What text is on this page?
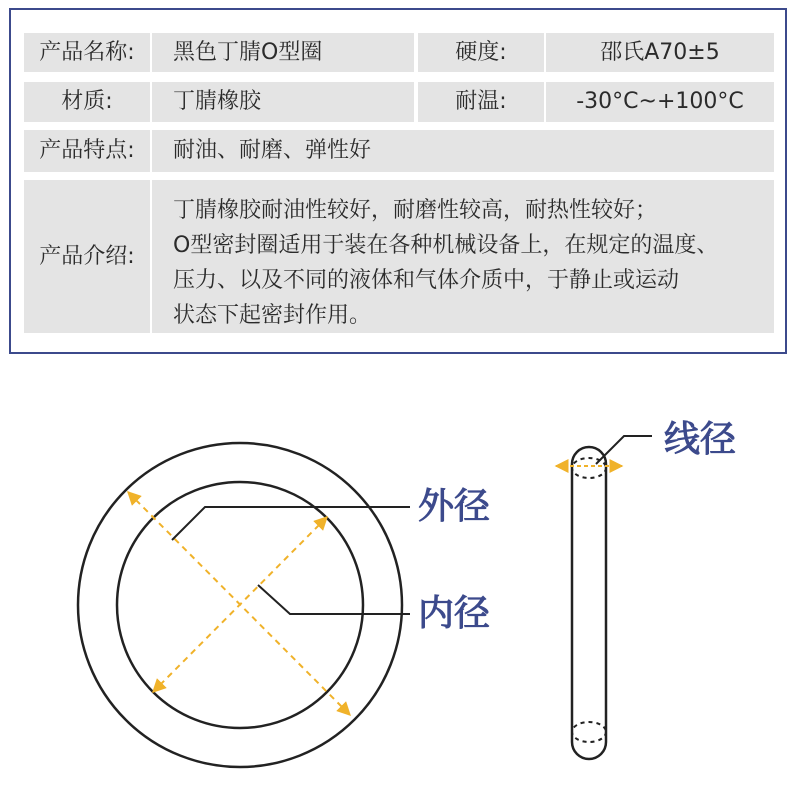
产品名称:	黑色丁腈O型圈	硬度:	邵氏A70±5
材质:	丁腈橡胶	耐温:	-30°C~+100°C
产品特点:	耐油、耐磨、弹性好
产品介绍:

丁腈橡胶耐油性较好，耐磨性较高，耐热性较好；

O型密封圈适用于装在各种机械设备上，在规定的温度、

压力、以及不同的液体和气体介质中，于静止或运动

状态下起密封作用。

外径
内径
线径
